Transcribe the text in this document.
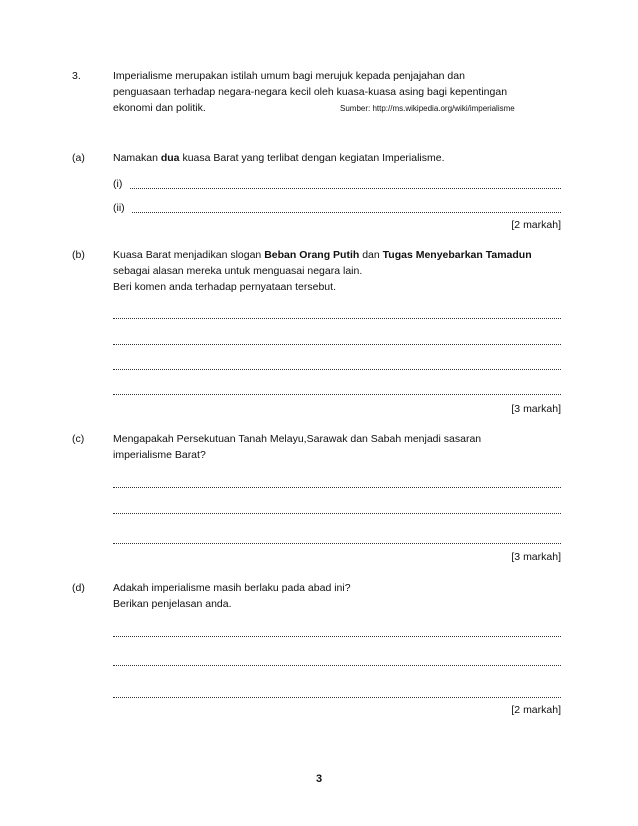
3.	Imperialisme merupakan istilah umum bagi merujuk kepada penjajahan dan
penguasaan terhadap negara-negara kecil oleh kuasa-kuasa asing bagi kepentingan
ekonomi dan politik.	Sumber: http://ms.wikipedia.org/wiki/imperialisme
(a)	Namakan dua kuasa Barat yang terlibat dengan kegiatan Imperialisme.
(i)
(ii)
[2 markah]
(b)	Kuasa Barat menjadikan slogan Beban Orang Putih dan Tugas Menyebarkan Tamadun
sebagai alasan mereka untuk menguasai negara lain.
Beri komen anda terhadap pernyataan tersebut.
[3 markah]
(c)	Mengapakah Persekutuan Tanah Melayu,Sarawak dan Sabah menjadi sasaran
imperialisme Barat?
[3 markah]
(d)	Adakah imperialisme masih berlaku pada abad ini?
Berikan penjelasan anda.
[2 markah]
3
